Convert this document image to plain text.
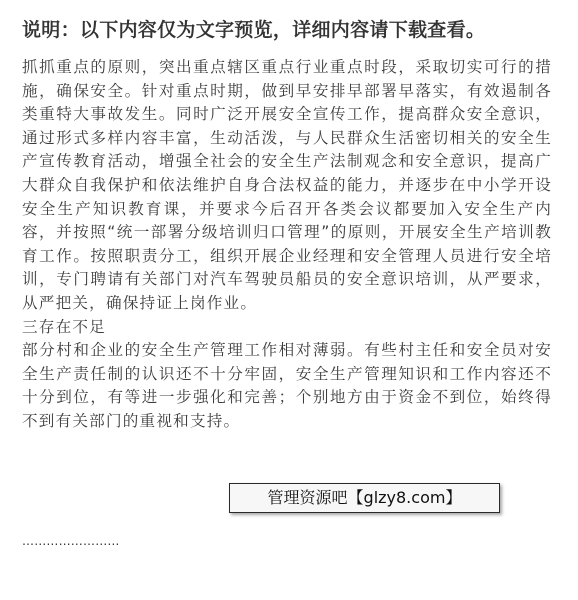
说明：以下内容仅为文字预览，详细内容请下载查看。

抓抓重点的原则，突出重点辖区重点行业重点时段，采取切实可行的措施，确保安全。针对重点时期，做到早安排早部署早落实，有效遏制各类重特大事故发生。同时广泛开展安全宣传工作，提高群众安全意识，通过形式多样内容丰富，生动活泼，与人民群众生活密切相关的安全生产宣传教育活动，增强全社会的安全生产法制观念和安全意识，提高广大群众自我保护和依法维护自身合法权益的能力，并逐步在中小学开设安全生产知识教育课，并要求今后召开各类会议都要加入安全生产内容，并按照“统一部署分级培训归口管理”的原则，开展安全生产培训教育工作。按照职责分工，组织开展企业经理和安全管理人员进行安全培训，专门聘请有关部门对汽车驾驶员船员的安全意识培训，从严要求，从严把关，确保持证上岗作业。

三存在不足

部分村和企业的安全生产管理工作相对薄弱。有些村主任和安全员对安全生产责任制的认识还不十分牢固，安全生产管理知识和工作内容还不十分到位，有等进一步强化和完善；个别地方由于资金不到位，始终得不到有关部门的重视和支持。

……………………
管理资源吧【glzy8.com】
